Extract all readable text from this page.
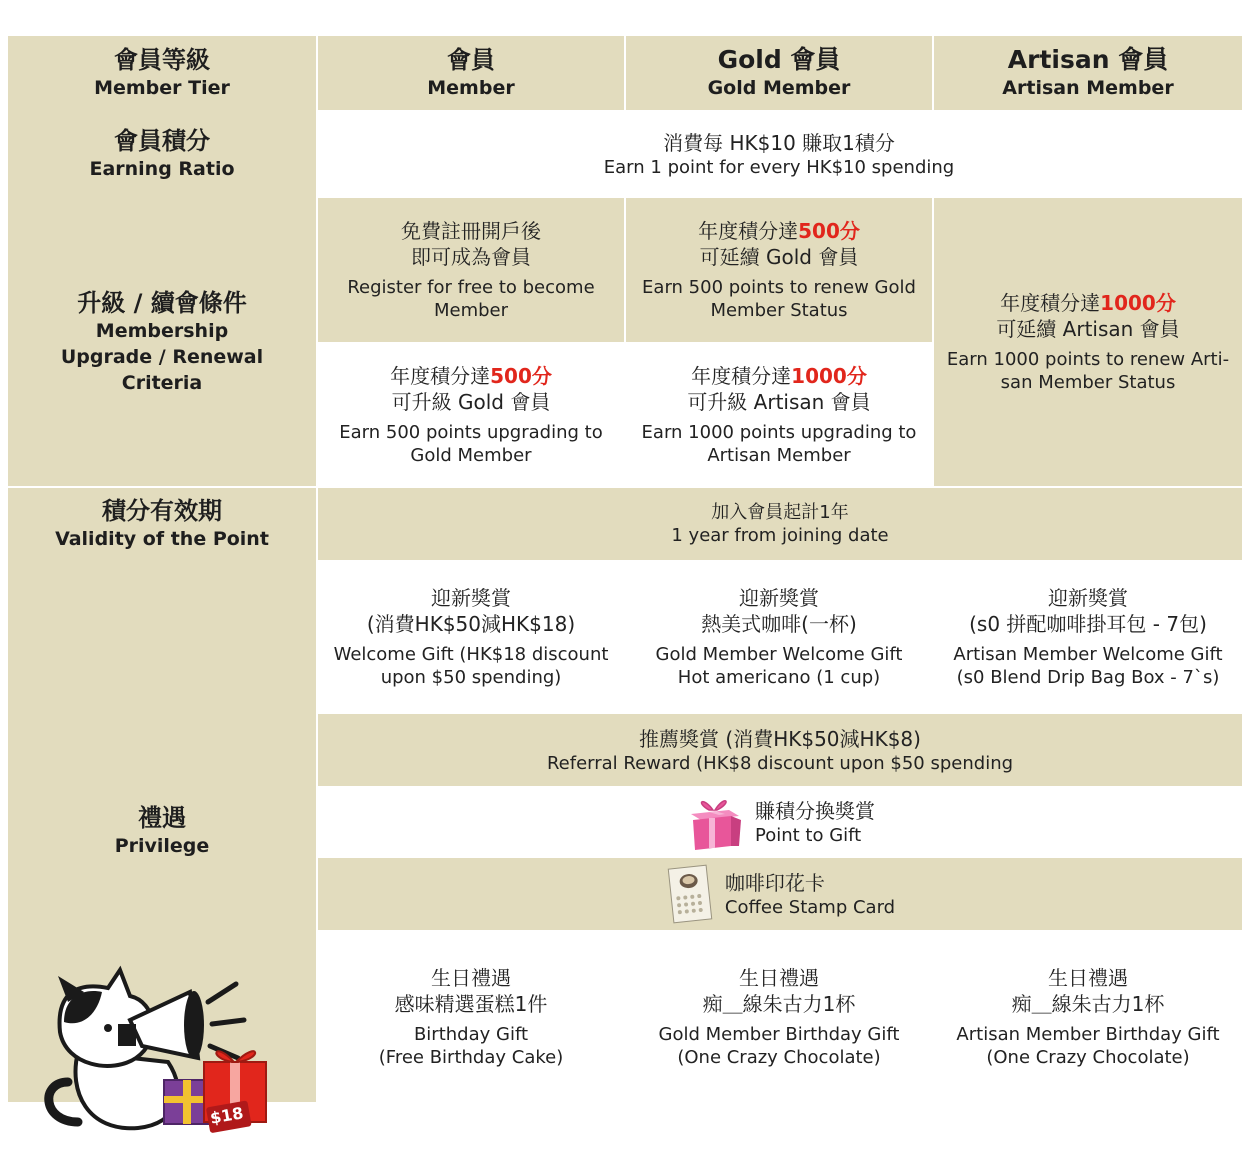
會員等級
Member Tier
會員
Member
Gold 會員
Gold Member
Artisan 會員
Artisan Member
會員積分
Earning Ratio
消費每 HK$10 賺取1積分
Earn 1 point for every HK$10 spending
升級 / 續會條件
Membership
Upgrade / Renewal
Criteria
免費註冊開戶後
即可成為會員
Register for free to become Member
年度積分達500分
可延續 Gold 會員
Earn 500 points to renew Gold Member Status
年度積分達500分
可升級 Gold 會員
Earn 500 points upgrading to Gold Member
年度積分達1000分
可升級 Artisan 會員
Earn 1000 points upgrading to Artisan Member
年度積分達1000分
可延續 Artisan 會員
Earn 1000 points to renew Arti-san Member Status
積分有效期
Validity of the Point
加入會員起計1年
1 year from joining date
禮遇
Privilege
迎新獎賞
(消費HK$50減HK$18)
Welcome Gift (HK$18 discount upon $50 spending)
迎新獎賞
熱美式咖啡(一杯)
Gold Member Welcome Gift
Hot americano (1 cup)
迎新獎賞
(s0 拼配咖啡掛耳包 - 7包)
Artisan Member Welcome Gift
(s0 Blend Drip Bag Box - 7`s)
推薦獎賞 (消費HK$50減HK$8)
Referral Reward (HK$8 discount upon $50 spending
賺積分換獎賞
Point to Gift
咖啡印花卡
Coffee Stamp Card
生日禮遇
感味精選蛋糕1件
Birthday Gift
(Free Birthday Cake)
生日禮遇
痴＿線朱古力1杯
Gold Member Birthday Gift
(One Crazy Chocolate)
生日禮遇
痴＿線朱古力1杯
Artisan Member Birthday Gift
(One Crazy Chocolate)
$18
